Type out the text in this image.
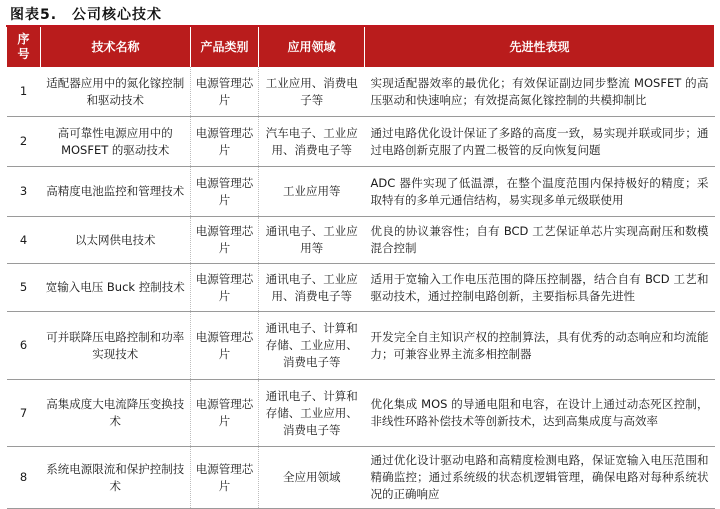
图表5.　公司核心技术
序号	技术名称	产品类别	应用领域	先进性表现
1	适配器应用中的氮化镓控制和驱动技术	电源管理芯片	工业应用、消费电子等	实现适配器效率的最优化；有效保证副边同步整流 MOSFET 的高压驱动和快速响应；有效提高氮化镓控制的共模抑制比
2	高可靠性电源应用中的 MOSFET 的驱动技术	电源管理芯片	汽车电子、工业应用、消费电子等	通过电路优化设计保证了多路的高度一致，易实现并联或同步；通过电路创新克服了内置二极管的反向恢复问题
3	高精度电池监控和管理技术	电源管理芯片	工业应用等	ADC 器件实现了低温漂，在整个温度范围内保持极好的精度；采取特有的多单元通信结构，易实现多单元级联使用
4	以太网供电技术	电源管理芯片	通讯电子、工业应用等	优良的协议兼容性；自有 BCD 工艺保证单芯片实现高耐压和数模混合控制
5	宽输入电压 Buck 控制技术	电源管理芯片	通讯电子、工业应用、消费电子等	适用于宽输入工作电压范围的降压控制器，结合自有 BCD 工艺和驱动技术，通过控制电路创新，主要指标具备先进性
6	可并联降压电路控制和功率实现技术	电源管理芯片	通讯电子、计算和存储、工业应用、消费电子等	开发完全自主知识产权的控制算法，具有优秀的动态响应和均流能力；可兼容业界主流多相控制器
7	高集成度大电流降压变换技术	电源管理芯片	通讯电子、计算和存储、工业应用、消费电子等	优化集成 MOS 的导通电阻和电容，在设计上通过动态死区控制，非线性环路补偿技术等创新技术，达到高集成度与高效率
8	系统电源限流和保护控制技术	电源管理芯片	全应用领域	通过优化设计驱动电路和高精度检测电路，保证宽输入电压范围和精确监控；通过系统级的状态机逻辑管理，确保电路对每种系统状况的正确响应
